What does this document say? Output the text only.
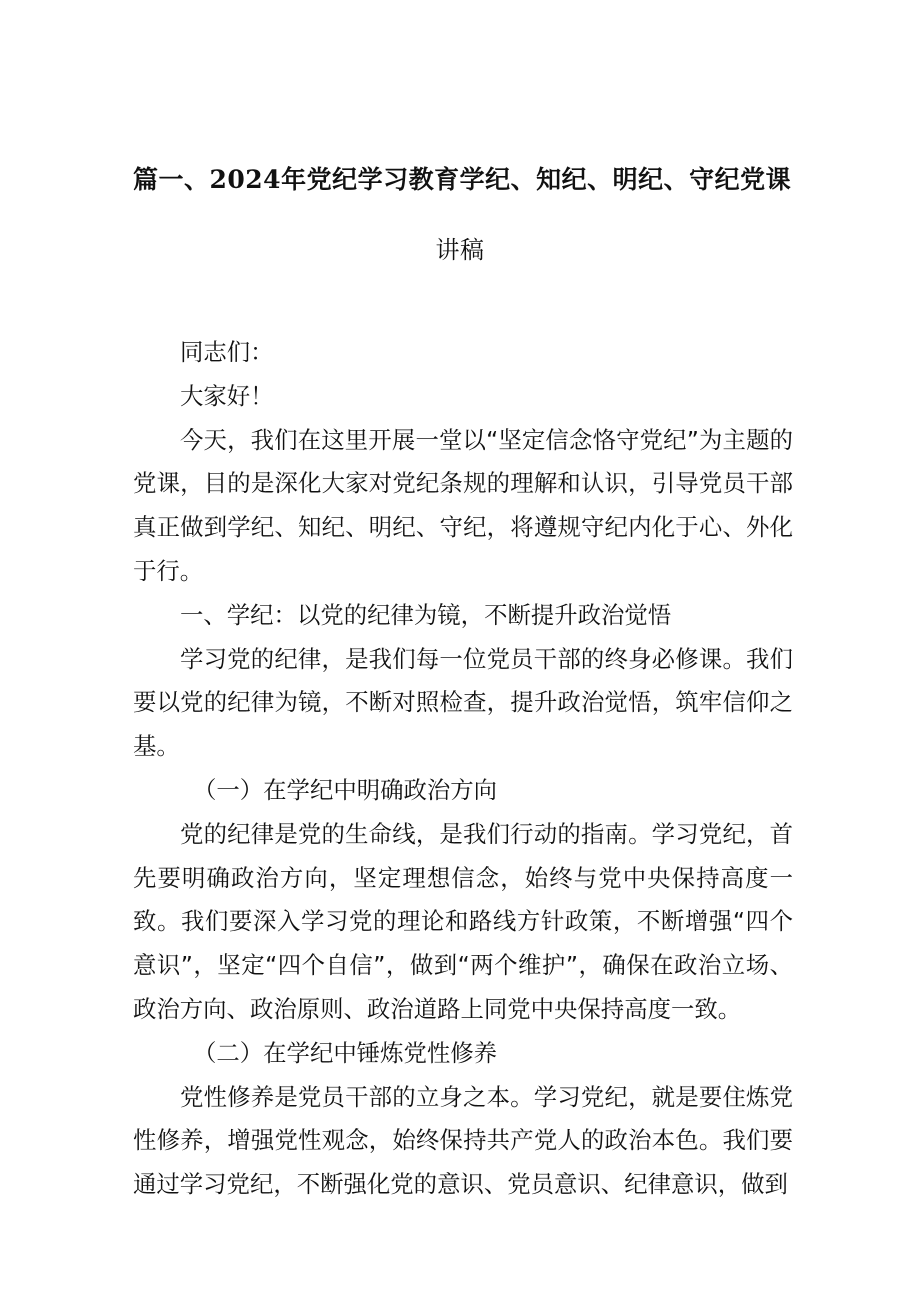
篇一、2024年党纪学习教育学纪、知纪、明纪、守纪党课
讲稿

同志们：

大家好！

今天，我们在这里开展一堂以“坚定信念恪守党纪”为主题的党课，目的是深化大家对党纪条规的理解和认识，引导党员干部真正做到学纪、知纪、明纪、守纪，将遵规守纪内化于心、外化于行。

一、学纪：以党的纪律为镜，不断提升政治觉悟

学习党的纪律，是我们每一位党员干部的终身必修课。我们要以党的纪律为镜，不断对照检查，提升政治觉悟，筑牢信仰之基。

（一）在学纪中明确政治方向

党的纪律是党的生命线，是我们行动的指南。学习党纪，首先要明确政治方向，坚定理想信念，始终与党中央保持高度一致。我们要深入学习党的理论和路线方针政策，不断增强“四个意识”，坚定“四个自信”，做到“两个维护”，确保在政治立场、政治方向、政治原则、政治道路上同党中央保持高度一致。

（二）在学纪中锤炼党性修养

党性修养是党员干部的立身之本。学习党纪，就是要住炼党性修养，增强党性观念，始终保持共产党人的政治本色。我们要通过学习党纪，不断强化党的意识、党员意识、纪律意识，做到
